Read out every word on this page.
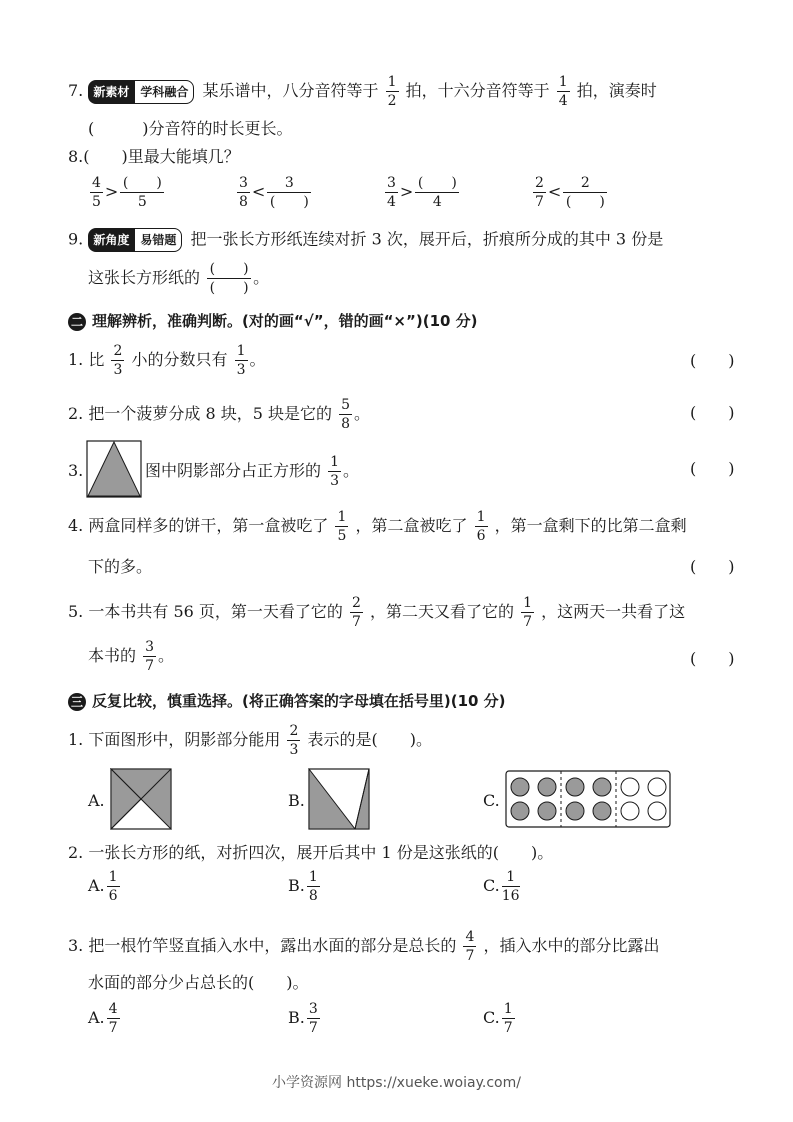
7. 新素材 学科融合 某乐谱中，八分音符等于 $\frac{1}{2}$ 拍，十六分音符等于 $\frac{1}{4}$ 拍，演奏时
(　　　)分音符的时长更长。
8.(　　)里最大能填几？
$\frac{4}{5} > \frac{( )}{5}$	$\frac{3}{8} < \frac{3}{( )}$	$\frac{3}{4} > \frac{( )}{4}$	$\frac{2}{7} < \frac{2}{( )}$
9. 新角度 易错题 把一张长方形纸连续对折 3 次，展开后，折痕所分成的其中 3 份是
这张长方形纸的 $\frac{( )}{( )}$ 。
二 理解辨析，准确判断。(对的画“√”，错的画“×”)(10 分)
1. 比 $\frac{2}{3}$ 小的分数只有 $\frac{1}{3}$ 。	(　　)
2. 把一个菠萝分成 8 块，5 块是它的 $\frac{5}{8}$ 。	(　　)
3.	图中阴影部分占正方形的 $\frac{1}{3}$ 。	(　　)
4. 两盒同样多的饼干，第一盒被吃了 $\frac{1}{5}$ ，第二盒被吃了 $\frac{1}{6}$ ，第一盒剩下的比第二盒剩
下的多。	(　　)
5. 一本书共有 56 页，第一天看了它的 $\frac{2}{7}$ ，第二天又看了它的 $\frac{1}{7}$ ，这两天一共看了这
本书的 $\frac{3}{7}$ 。	(　　)
三 反复比较，慎重选择。(将正确答案的字母填在括号里)(10 分)
1. 下面图形中，阴影部分能用 $\frac{2}{3}$ 表示的是(　　)。
A.	B.	C.
2. 一张长方形的纸，对折四次，展开后其中 1 份是这张纸的(　　)。
A. $\frac{1}{6}$	B. $\frac{1}{8}$	C. $\frac{1}{16}$
3. 把一根竹竿竖直插入水中，露出水面的部分是总长的 $\frac{4}{7}$ ，插入水中的部分比露出
水面的部分少占总长的(　　)。
A. $\frac{4}{7}$	B. $\frac{3}{7}$	C. $\frac{1}{7}$
小学资源网 https://xueke.woiay.com/
